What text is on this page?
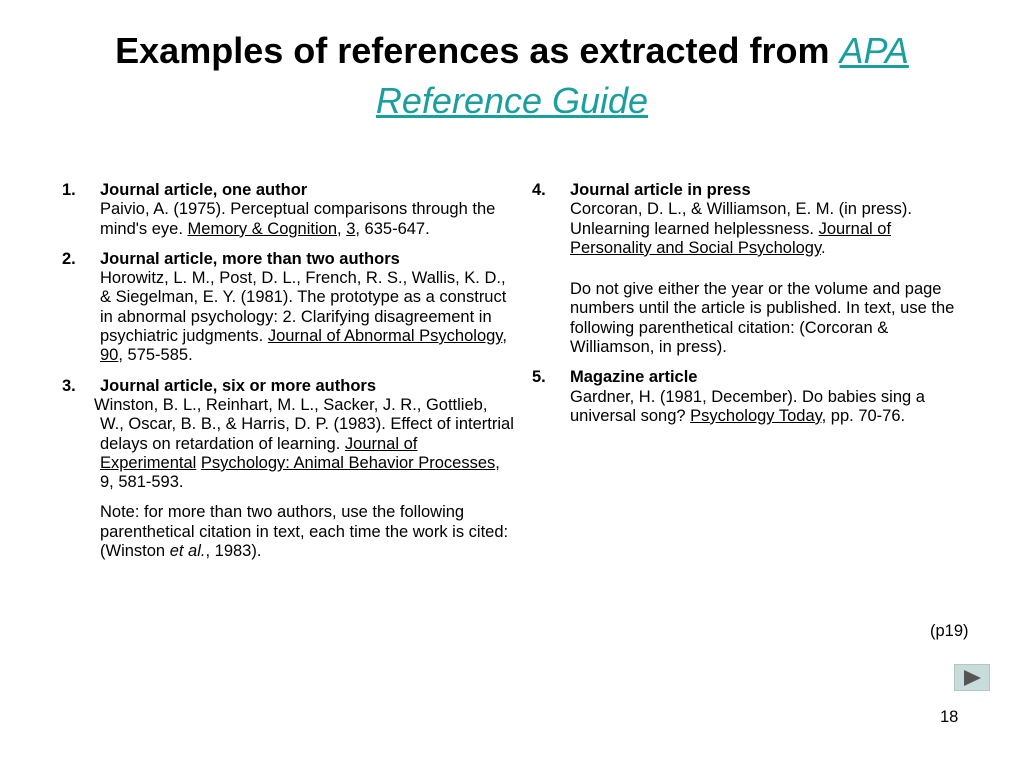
Examples of references as extracted from APA
Reference Guide
1.	Journal article, one author

Paivio, A. (1975). Perceptual comparisons through the mind's eye. Memory & Cognition, 3, 635-647.

2.	Journal article, more than two authors

Horowitz, L. M., Post, D. L., French, R. S., Wallis, K. D., & Siegelman, E. Y. (1981). The prototype as a construct in abnormal psychology: 2. Clarifying disagreement in psychiatric judgments. Journal of Abnormal Psychology, 90, 575-585.

3.	Journal article, six or more authors

Winston, B. L., Reinhart, M. L., Sacker, J. R., Gottlieb, W., Oscar, B. B., & Harris, D. P. (1983). Effect of intertrial delays on retardation of learning. Journal of Experimental Psychology: Animal Behavior Processes, 9, 581-593.

Note: for more than two authors, use the following parenthetical citation in text, each time the work is cited: (Winston et al., 1983).

4.	Journal article in press

Corcoran, D. L., & Williamson, E. M. (in press). Unlearning learned helplessness. Journal of Personality and Social Psychology.

Do not give either the year or the volume and page numbers until the article is published. In text, use the following parenthetical citation: (Corcoran & Williamson, in press).

5.	Magazine article

Gardner, H. (1981, December). Do babies sing a universal song? Psychology Today, pp. 70-76.

(p19)
18
